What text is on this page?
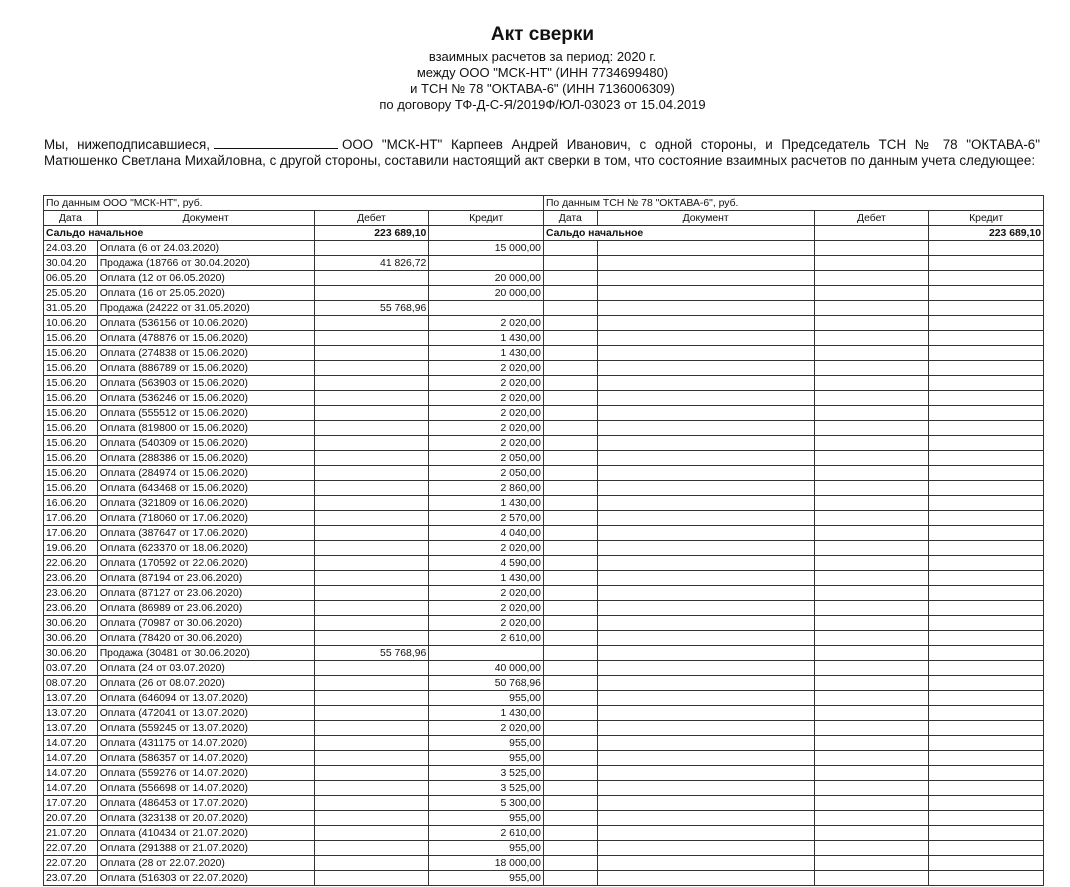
Акт сверки
взаимных расчетов за период: 2020 г.
между ООО "МСК-НТ" (ИНН 7734699480)
и ТСН № 78 "ОКТАВА-6" (ИНН 7136006309)
по договору ТФ-Д-С-Я/2019Ф/ЮЛ-03023 от 15.04.2019
Мы, нижеподписавшиеся,	ООО "МСК-НТ" Карпеев Андрей Иванович, с одной стороны, и Председатель ТСН № 78 "ОКТАВА-6" Матюшенко Светлана Михайловна, с другой стороны, составили настоящий акт сверки в том, что состояние взаимных расчетов по данным учета следующее:
По данным ООО "МСК-НТ", руб.				По данным ТСН № 78 "ОКТАВА-6", руб.			
Дата	Документ	Дебет	Кредит	Дата	Документ	Дебет	Кредит
Сальдо начальное		223 689,10		Сальдо начальное			223 689,10
24.03.20	Оплата (6 от 24.03.2020)		15 000,00				
30.04.20	Продажа (18766 от 30.04.2020)	41 826,72					
06.05.20	Оплата (12 от 06.05.2020)		20 000,00				
25.05.20	Оплата (16 от 25.05.2020)		20 000,00				
31.05.20	Продажа (24222 от 31.05.2020)	55 768,96					
10.06.20	Оплата (536156 от 10.06.2020)		2 020,00				
15.06.20	Оплата (478876 от 15.06.2020)		1 430,00				
15.06.20	Оплата (274838 от 15.06.2020)		1 430,00				
15.06.20	Оплата (886789 от 15.06.2020)		2 020,00				
15.06.20	Оплата (563903 от 15.06.2020)		2 020,00				
15.06.20	Оплата (536246 от 15.06.2020)		2 020,00				
15.06.20	Оплата (555512 от 15.06.2020)		2 020,00				
15.06.20	Оплата (819800 от 15.06.2020)		2 020,00				
15.06.20	Оплата (540309 от 15.06.2020)		2 020,00				
15.06.20	Оплата (288386 от 15.06.2020)		2 050,00				
15.06.20	Оплата (284974 от 15.06.2020)		2 050,00				
15.06.20	Оплата (643468 от 15.06.2020)		2 860,00				
16.06.20	Оплата (321809 от 16.06.2020)		1 430,00				
17.06.20	Оплата (718060 от 17.06.2020)		2 570,00				
17.06.20	Оплата (387647 от 17.06.2020)		4 040,00				
19.06.20	Оплата (623370 от 18.06.2020)		2 020,00				
22.06.20	Оплата (170592 от 22.06.2020)		4 590,00				
23.06.20	Оплата (87194 от 23.06.2020)		1 430,00				
23.06.20	Оплата (87127 от 23.06.2020)		2 020,00				
23.06.20	Оплата (86989 от 23.06.2020)		2 020,00				
30.06.20	Оплата (70987 от 30.06.2020)		2 020,00				
30.06.20	Оплата (78420 от 30.06.2020)		2 610,00				
30.06.20	Продажа (30481 от 30.06.2020)	55 768,96					
03.07.20	Оплата (24 от 03.07.2020)		40 000,00				
08.07.20	Оплата (26 от 08.07.2020)		50 768,96				
13.07.20	Оплата (646094 от 13.07.2020)		955,00				
13.07.20	Оплата (472041 от 13.07.2020)		1 430,00				
13.07.20	Оплата (559245 от 13.07.2020)		2 020,00				
14.07.20	Оплата (431175 от 14.07.2020)		955,00				
14.07.20	Оплата (586357 от 14.07.2020)		955,00				
14.07.20	Оплата (559276 от 14.07.2020)		3 525,00				
14.07.20	Оплата (556698 от 14.07.2020)		3 525,00				
17.07.20	Оплата (486453 от 17.07.2020)		5 300,00				
20.07.20	Оплата (323138 от 20.07.2020)		955,00				
21.07.20	Оплата (410434 от 21.07.2020)		2 610,00				
22.07.20	Оплата (291388 от 21.07.2020)		955,00				
22.07.20	Оплата (28 от 22.07.2020)		18 000,00				
23.07.20	Оплата (516303 от 22.07.2020)		955,00				
